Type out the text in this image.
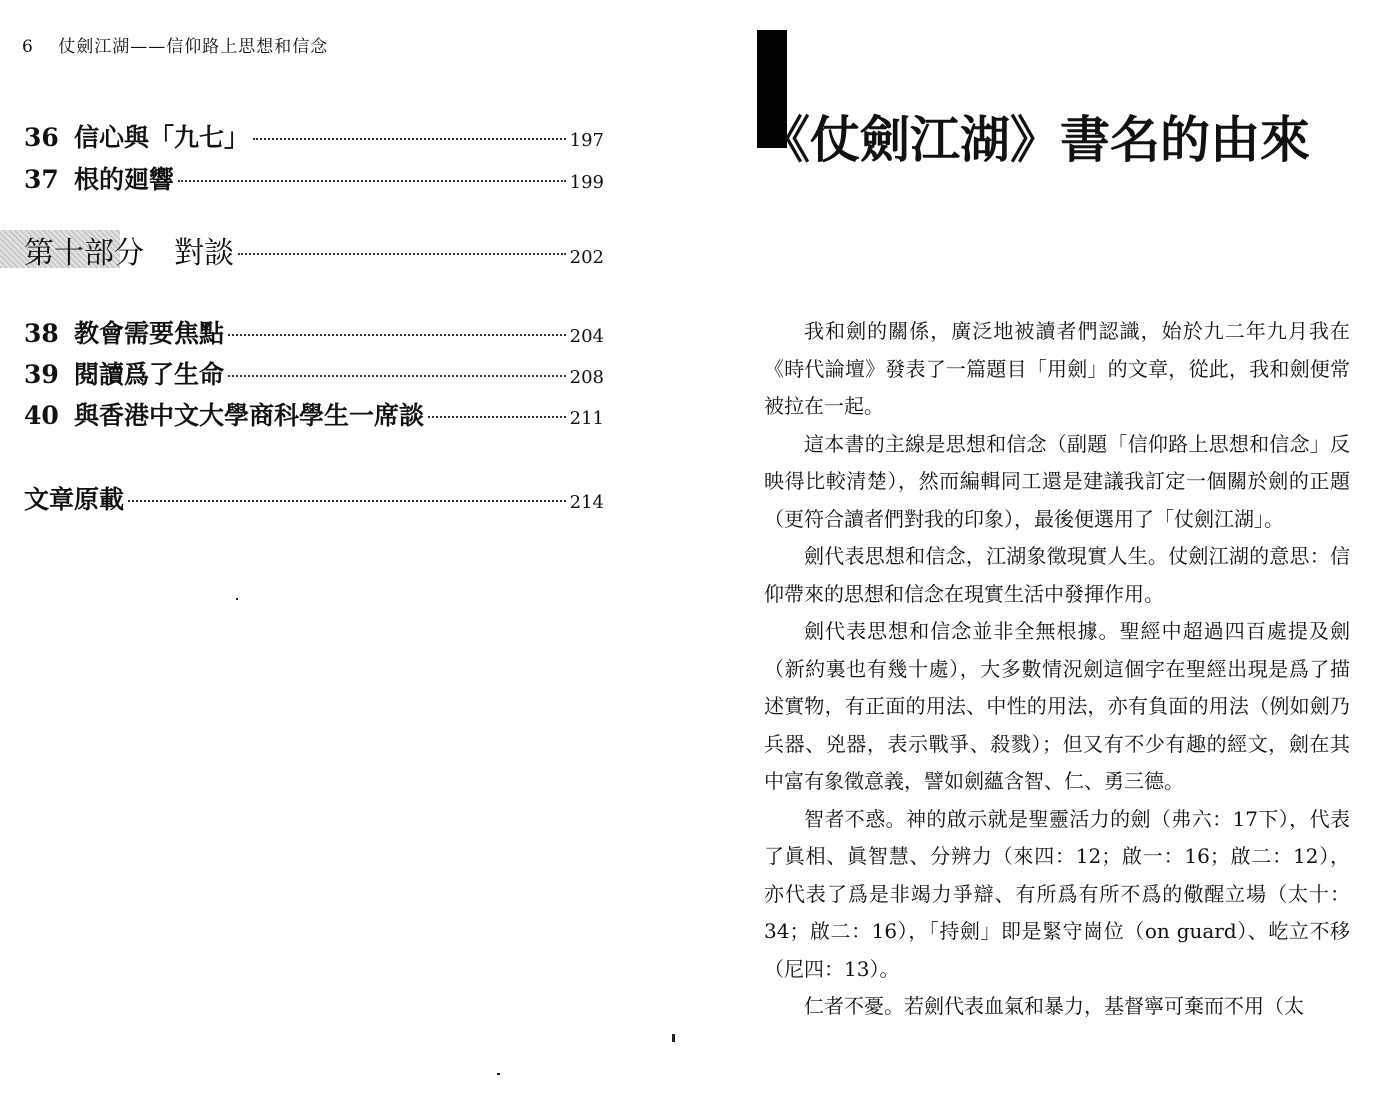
6 仗劍江湖——信仰路上思想和信念
36 信心與「九七」	197
37 根的廻響	199
第十部分 對談	202
38 教會需要焦點	204
39 閱讀爲了生命	208
40 與香港中文大學商科學生一席談	211
文章原載	214
《仗劍江湖》書名的由來

我和劍的關係，廣泛地被讀者們認識，始於九二年九月我在《時代論壇》發表了一篇題目「用劍」的文章，從此，我和劍便常被拉在一起。

這本書的主線是思想和信念（副題「信仰路上思想和信念」反映得比較清楚），然而編輯同工還是建議我訂定一個關於劍的正題（更符合讀者們對我的印象），最後便選用了「仗劍江湖」。

劍代表思想和信念，江湖象徵現實人生。仗劍江湖的意思：信仰帶來的思想和信念在現實生活中發揮作用。

劍代表思想和信念並非全無根據。聖經中超過四百處提及劍（新約裏也有幾十處），大多數情況劍這個字在聖經出現是爲了描述實物，有正面的用法、中性的用法，亦有負面的用法（例如劍乃兵器、兇器，表示戰爭、殺戮）；但又有不少有趣的經文，劍在其中富有象徵意義，譬如劍蘊含智、仁、勇三德。

智者不惑。神的啟示就是聖靈活力的劍（弗六：17下），代表了眞相、眞智慧、分辨力（來四：12；啟一：16；啟二：12），亦代表了爲是非竭力爭辯、有所爲有所不爲的儆醒立場（太十：34；啟二：16），「持劍」即是緊守崗位（on guard）、屹立不移（尼四：13）。

仁者不憂。若劍代表血氣和暴力，基督寧可棄而不用（太
